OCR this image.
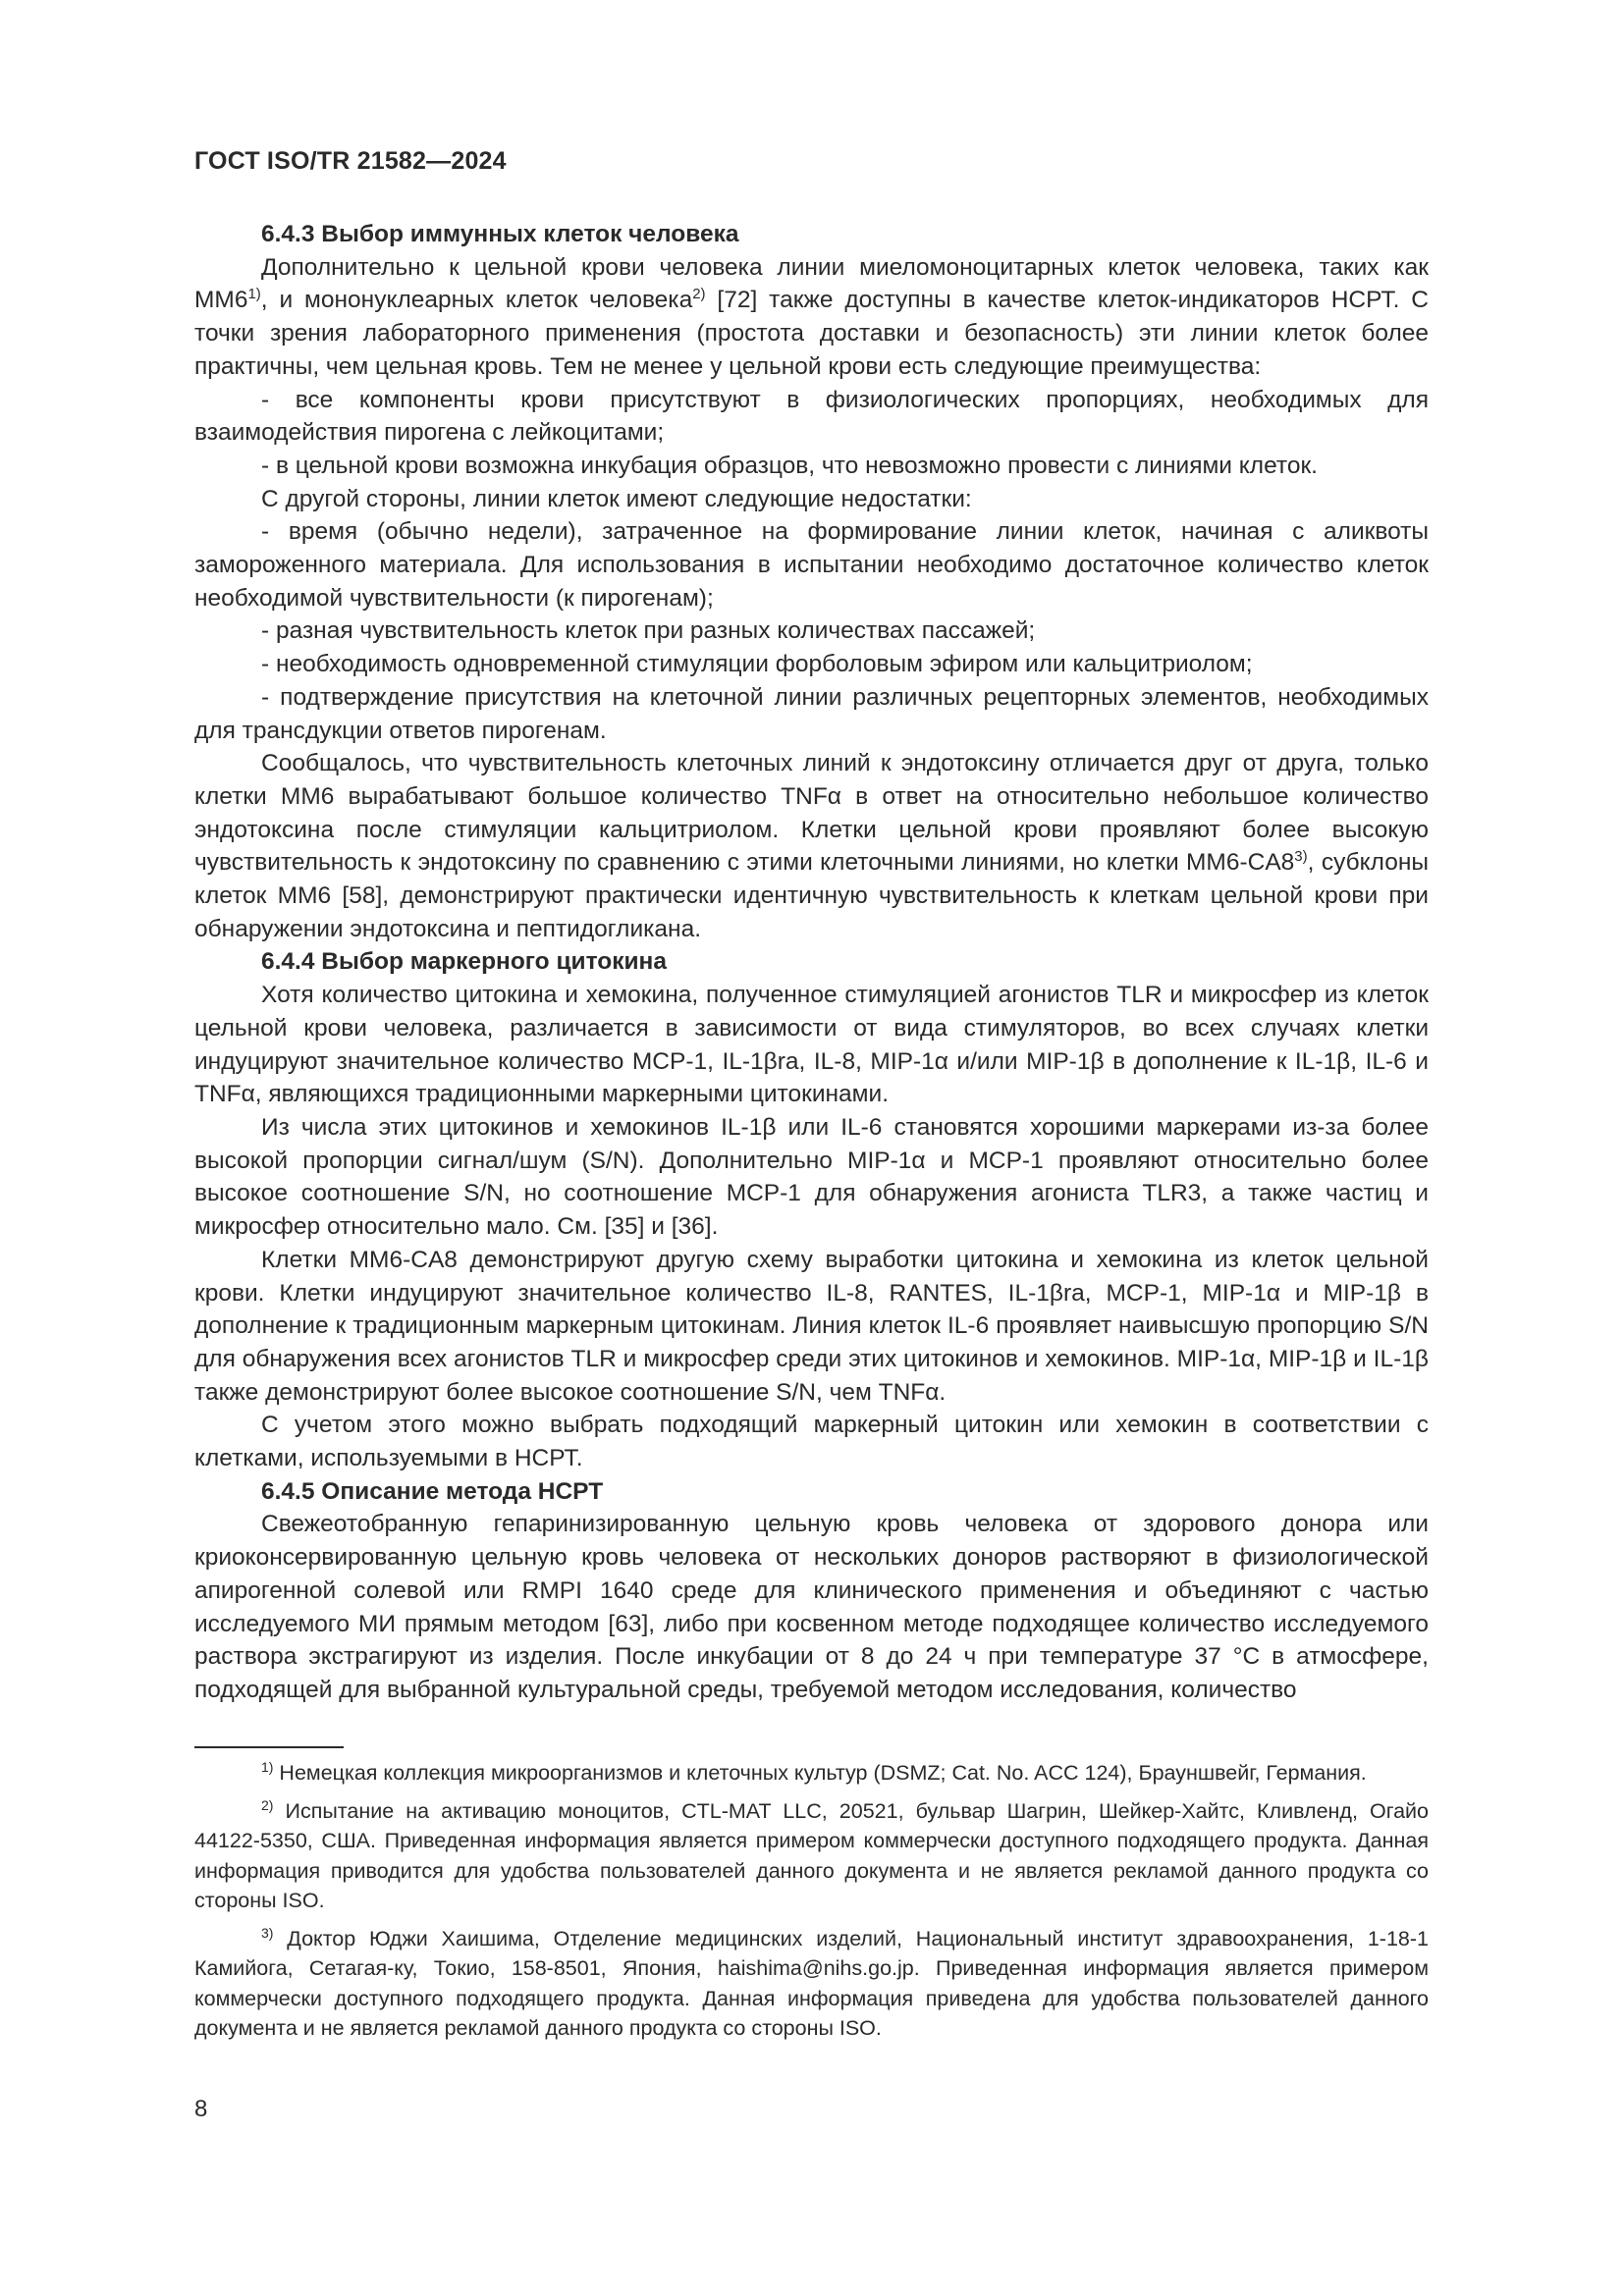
ГОСТ ISO/TR 21582—2024
6.4.3 Выбор иммунных клеток человека

Дополнительно к цельной крови человека линии миеломоноцитарных клеток человека, таких как ММ6$^{1)}$, и мононуклеарных клеток человека$^{2)}$ [72] также доступны в качестве клеток-индикаторов НСРТ. С точки зрения лабораторного применения (простота доставки и безопасность) эти линии клеток более практичны, чем цельная кровь. Тем не менее у цельной крови есть следующие преимущества:

- все компоненты крови присутствуют в физиологических пропорциях, необходимых для взаимодействия пирогена с лейкоцитами;
- в цельной крови возможна инкубация образцов, что невозможно провести с линиями клеток.

С другой стороны, линии клеток имеют следующие недостатки:

- время (обычно недели), затраченное на формирование линии клеток, начиная с аликвоты замороженного материала. Для использования в испытании необходимо достаточное количество клеток необходимой чувствительности (к пирогенам);
- разная чувствительность клеток при разных количествах пассажей;
- необходимость одновременной стимуляции форболовым эфиром или кальцитриолом;
- подтверждение присутствия на клеточной линии различных рецепторных элементов, необходимых для трансдукции ответов пирогенам.

Сообщалось, что чувствительность клеточных линий к эндотоксину отличается друг от друга, только клетки ММ6 вырабатывают большое количество TNFα в ответ на относительно небольшое количество эндотоксина после стимуляции кальцитриолом. Клетки цельной крови проявляют более высокую чувствительность к эндотоксину по сравнению с этими клеточными линиями, но клетки ММ6-CA8$^{3)}$, субклоны клеток ММ6 [58], демонстрируют практически идентичную чувствительность к клеткам цельной крови при обнаружении эндотоксина и пептидогликана.

6.4.4 Выбор маркерного цитокина

Хотя количество цитокина и хемокина, полученное стимуляцией агонистов TLR и микросфер из клеток цельной крови человека, различается в зависимости от вида стимуляторов, во всех случаях клетки индуцируют значительное количество MCP-1, IL-1βra, IL-8, MIP-1α и/или MIP-1β в дополнение к IL-1β, IL-6 и TNFα, являющихся традиционными маркерными цитокинами.

Из числа этих цитокинов и хемокинов IL-1β или IL-6 становятся хорошими маркерами из-за более высокой пропорции сигнал/шум (S/N). Дополнительно MIP-1α и MCP-1 проявляют относительно более высокое соотношение S/N, но соотношение MCP-1 для обнаружения агониста TLR3, а также частиц и микросфер относительно мало. См. [35] и [36].

Клетки ММ6-CA8 демонстрируют другую схему выработки цитокина и хемокина из клеток цельной крови. Клетки индуцируют значительное количество IL-8, RANTES, IL-1βra, MCP-1, MIP-1α и MIP-1β в дополнение к традиционным маркерным цитокинам. Линия клеток IL-6 проявляет наивысшую пропорцию S/N для обнаружения всех агонистов TLR и микросфер среди этих цитокинов и хемокинов. MIP-1α, MIP-1β и IL-1β также демонстрируют более высокое соотношение S/N, чем TNFα.

С учетом этого можно выбрать подходящий маркерный цитокин или хемокин в соответствии с клетками, используемыми в НСРТ.

6.4.5 Описание метода НСРТ

Свежеотобранную гепаринизированную цельную кровь человека от здорового донора или криоконсервированную цельную кровь человека от нескольких доноров растворяют в физиологической апирогенной солевой или RMPI 1640 среде для клинического применения и объединяют с частью исследуемого МИ прямым методом [63], либо при косвенном методе подходящее количество исследуемого раствора экстрагируют из изделия. После инкубации от 8 до 24 ч при температуре 37 °С в атмосфере, подходящей для выбранной культуральной среды, требуемой методом исследования, количество

$^{1)}$ Немецкая коллекция микроорганизмов и клеточных культур (DSMZ; Cat. No. ACC 124), Брауншвейг, Германия.

$^{2)}$ Испытание на активацию моноцитов, CTL-MAT LLC, 20521, бульвар Шагрин, Шейкер-Хайтс, Кливленд, Огайо 44122-5350, США. Приведенная информация является примером коммерчески доступного подходящего продукта. Данная информация приводится для удобства пользователей данного документа и не является рекламой данного продукта со стороны ISO.

$^{3)}$ Доктор Юджи Хаишима, Отделение медицинских изделий, Национальный институт здравоохранения, 1-18-1 Камийога, Сетагая-ку, Токио, 158-8501, Япония, haishima@nihs.go.jp. Приведенная информация является примером коммерчески доступного подходящего продукта. Данная информация приведена для удобства пользователей данного документа и не является рекламой данного продукта со стороны ISO.

8
